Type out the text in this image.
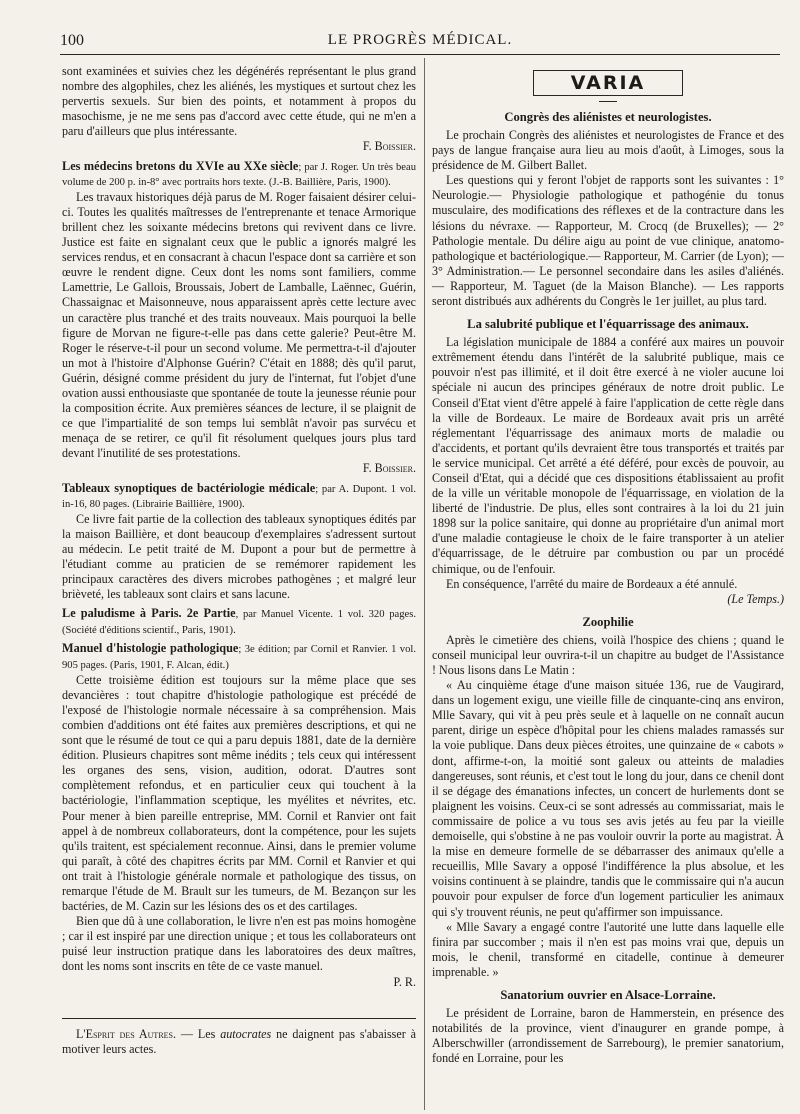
100	LE PROGRÈS MÉDICAL.

sont examinées et suivies chez les dégénérés représentant le plus grand nombre des algophiles, chez les aliénés, les mystiques et surtout chez les pervertis sexuels. Sur bien des points, et notamment à propos du masochisme, je ne me sens pas d'accord avec cette étude, qui ne m'en a paru d'ailleurs que plus intéressante.

F. Boissier.

Les médecins bretons du XVIe au XXe siècle; par J. Roger. Un très beau volume de 200 p. in-8° avec portraits hors texte. (J.-B. Baillière, Paris, 1900).

Les travaux historiques déjà parus de M. Roger faisaient désirer celui-ci. Toutes les qualités maîtresses de l'entreprenante et tenace Armorique brillent chez les soixante médecins bretons qui revivent dans ce livre. Justice est faite en signalant ceux que le public a ignorés malgré les services rendus, et en consacrant à chacun l'espace dont sa carrière et son œuvre le rendent digne. Ceux dont les noms sont familiers, comme Lamettrie, Le Gallois, Broussais, Jobert de Lamballe, Laënnec, Guérin, Chassaignac et Maisonneuve, nous apparaissent après cette lecture avec un caractère plus tranché et des traits nouveaux. Mais pourquoi la belle figure de Morvan ne figure-t-elle pas dans cette galerie? Peut-être M. Roger le réserve-t-il pour un second volume. Me permettra-t-il d'ajouter un mot à l'histoire d'Alphonse Guérin? C'était en 1888; dès qu'il parut, Guérin, désigné comme président du jury de l'internat, fut l'objet d'une ovation aussi enthousiaste que spontanée de toute la jeunesse réunie pour la composition écrite. Aux premières séances de lecture, il se plaignit de ce que l'impartialité de son temps lui semblât n'avoir pas survécu et menaça de se retirer, ce qu'il fit résolument quelques jours plus tard devant l'inutilité de ses protestations.

F. Boissier.

Tableaux synoptiques de bactériologie médicale; par A. Dupont. 1 vol. in-16, 80 pages. (Librairie Baillière, 1900).

Ce livre fait partie de la collection des tableaux synoptiques édités par la maison Baillière, et dont beaucoup d'exemplaires s'adressent surtout au médecin. Le petit traité de M. Dupont a pour but de permettre à l'étudiant comme au praticien de se remémorer rapidement les principaux caractères des divers microbes pathogènes ; et malgré leur brièveté, les tableaux sont clairs et sans lacune.

Le paludisme à Paris. 2e Partie, par Manuel Vicente. 1 vol. 320 pages. (Société d'éditions scientif., Paris, 1901).
Manuel d'histologie pathologique; 3e édition; par Cornil et Ranvier. 1 vol. 905 pages. (Paris, 1901, F. Alcan, édit.)

Cette troisième édition est toujours sur la même place que ses devancières : tout chapitre d'histologie pathologique est précédé de l'exposé de l'histologie normale nécessaire à sa compréhension. Mais combien d'additions ont été faites aux premières descriptions, et qui ne sont que le résumé de tout ce qui a paru depuis 1881, date de la dernière édition. Plusieurs chapitres sont même inédits ; tels ceux qui intéressent les organes des sens, vision, audition, odorat. D'autres sont complètement refondus, et en particulier ceux qui touchent à la bactériologie, l'inflammation sceptique, les myélites et névrites, etc. Pour mener à bien pareille entreprise, MM. Cornil et Ranvier ont fait appel à de nombreux collaborateurs, dont la compétence, pour les sujets qu'ils traitent, est spécialement reconnue. Ainsi, dans le premier volume qui paraît, à côté des chapitres écrits par MM. Cornil et Ranvier et qui ont trait à l'histologie générale normale et pathologique des tissus, on remarque l'étude de M. Brault sur les tumeurs, de M. Bezançon sur les bactéries, de M. Cazin sur les lésions des os et des cartilages.

Bien que dû à une collaboration, le livre n'en est pas moins homogène ; car il est inspiré par une direction unique ; et tous les collaborateurs ont puisé leur instruction pratique dans les laboratoires des deux maîtres, dont les noms sont inscrits en tête de ce vaste manuel.

P. R.

L'Esprit des Autres. — Les autocrates ne daignent pas s'abaisser à motiver leurs actes.

VARIA
Congrès des aliénistes et neurologistes.

Le prochain Congrès des aliénistes et neurologistes de France et des pays de langue française aura lieu au mois d'août, à Limoges, sous la présidence de M. Gilbert Ballet.

Les questions qui y feront l'objet de rapports sont les suivantes : 1° Neurologie.— Physiologie pathologique et pathogénie du tonus musculaire, des modifications des réflexes et de la contracture dans les lésions du névraxe. — Rapporteur, M. Crocq (de Bruxelles); — 2° Pathologie mentale. Du délire aigu au point de vue clinique, anatomo-pathologique et bactériologique.— Rapporteur, M. Carrier (de Lyon); — 3° Administration.— Le personnel secondaire dans les asiles d'aliénés. — Rapporteur, M. Taguet (de la Maison Blanche). — Les rapports seront distribués aux adhérents du Congrès le 1er juillet, au plus tard.

La salubrité publique et l'équarrissage des animaux.

La législation municipale de 1884 a conféré aux maires un pouvoir extrêmement étendu dans l'intérêt de la salubrité publique, mais ce pouvoir n'est pas illimité, et il doit être exercé à ne violer aucune loi spéciale ni aucun des principes généraux de notre droit public. Le Conseil d'Etat vient d'être appelé à faire l'application de cette règle dans la ville de Bordeaux. Le maire de Bordeaux avait pris un arrêté réglementant l'équarrissage des animaux morts de maladie ou d'accidents, et portant qu'ils devraient être tous transportés et traités par le service municipal. Cet arrêté a été déféré, pour excès de pouvoir, au Conseil d'Etat, qui a décidé que ces dispositions établissaient au profit de la ville un véritable monopole de l'équarrissage, en violation de la liberté de l'industrie. De plus, elles sont contraires à la loi du 21 juin 1898 sur la police sanitaire, qui donne au propriétaire d'un animal mort d'une maladie contagieuse le choix de le faire transporter à un atelier d'équarrissage, de le détruire par combustion ou par un procédé chimique, ou de l'enfouir.

En conséquence, l'arrêté du maire de Bordeaux a été annulé.

(Le Temps.)

Zoophilie

Après le cimetière des chiens, voilà l'hospice des chiens ; quand le conseil municipal leur ouvrira-t-il un chapitre au budget de l'Assistance ! Nous lisons dans Le Matin :

« Au cinquième étage d'une maison située 136, rue de Vaugirard, dans un logement exigu, une vieille fille de cinquante-cinq ans environ, Mlle Savary, qui vit à peu près seule et à laquelle on ne connaît aucun parent, dirige un espèce d'hôpital pour les chiens malades ramassés sur la voie publique. Dans deux pièces étroites, une quinzaine de « cabots » dont, affirme-t-on, la moitié sont galeux ou atteints de maladies dangereuses, sont réunis, et c'est tout le long du jour, dans ce chenil dont il se dégage des émanations infectes, un concert de hurlements dont se plaignent les voisins. Ceux-ci se sont adressés au commissariat, mais le commissaire de police a vu tous ses avis jetés au feu par la vieille demoiselle, qui s'obstine à ne pas vouloir ouvrir la porte au magistrat. À la mise en demeure formelle de se débarrasser des animaux qu'elle a recueillis, Mlle Savary a opposé l'indifférence la plus absolue, et les voisins continuent à se plaindre, tandis que le commissaire qui n'a aucun pouvoir pour expulser de force d'un logement particulier les animaux qui s'y trouvent réunis, ne peut qu'affirmer son impuissance.

« Mlle Savary a engagé contre l'autorité une lutte dans laquelle elle finira par succomber ; mais il n'en est pas moins vrai que, depuis un mois, le chenil, transformé en citadelle, continue à demeurer imprenable. »

Sanatorium ouvrier en Alsace-Lorraine.

Le président de Lorraine, baron de Hammerstein, en présence des notabilités de la province, vient d'inaugurer en grande pompe, à Alberschwiller (arrondissement de Sarrebourg), le premier sanatorium, fondé en Lorraine, pour les
